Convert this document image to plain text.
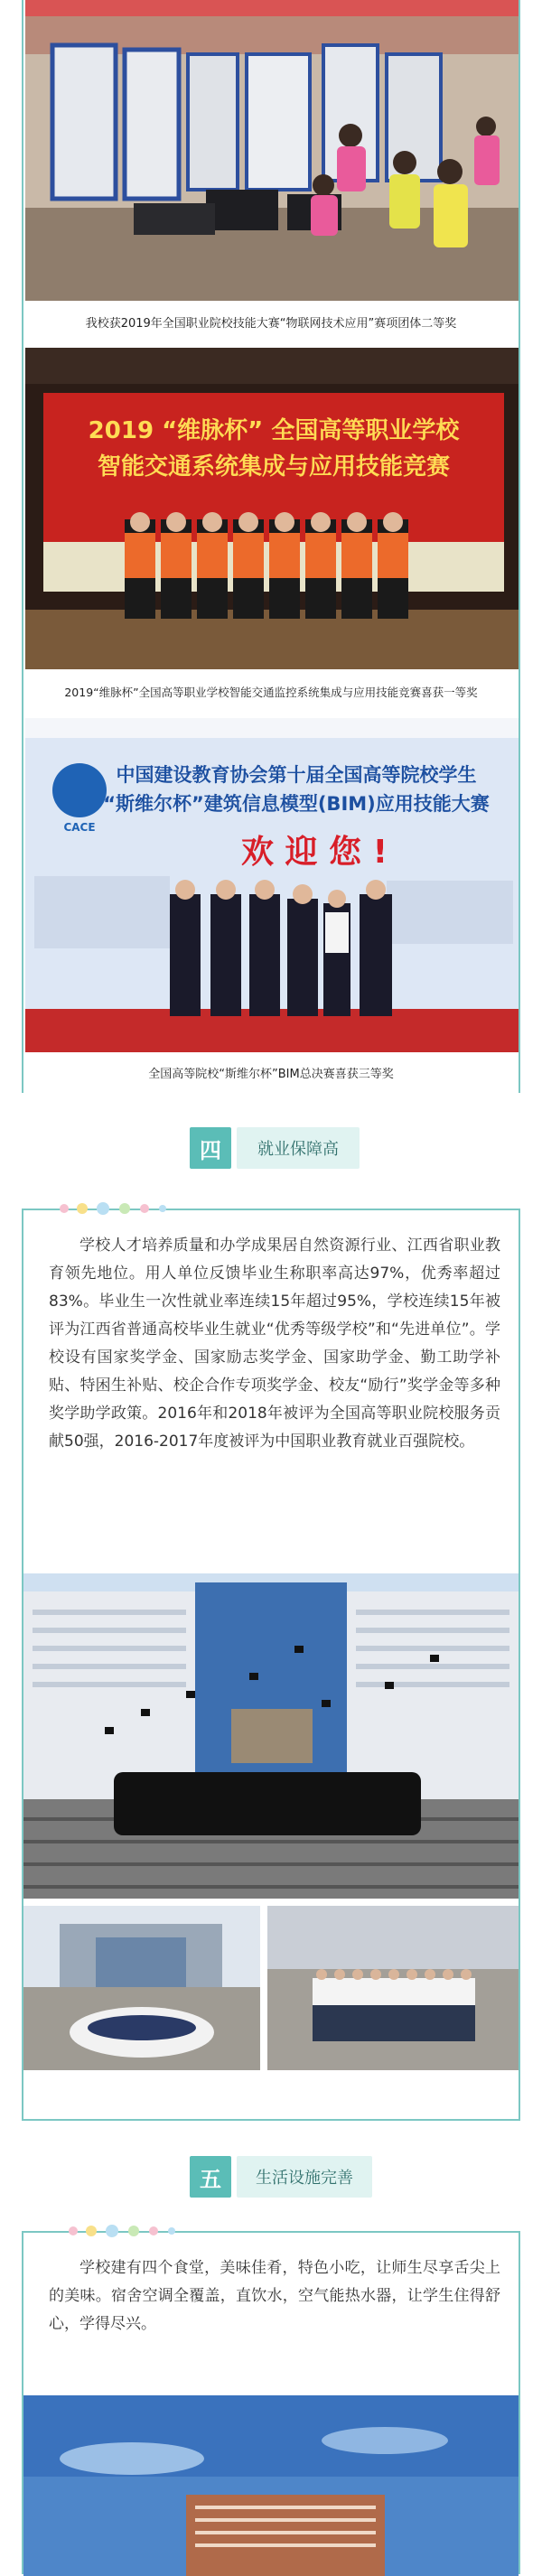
我校获2019年全国职业院校技能大赛“物联网技术应用”赛项团体二等奖
2019 “维脉杯” 全国高等职业学校
智能交通系统集成与应用技能竞赛
2019“维脉杯”全国高等职业学校智能交通监控系统集成与应用技能竞赛喜获一等奖
CACE
中国建设教育协会第十届全国高等院校学生
“斯维尔杯”建筑信息模型(BIM)应用技能大赛
欢 迎 您 !
全国高等院校“斯维尔杯”BIM总决赛喜获三等奖
四	就业保障高
学校人才培养质量和办学成果居自然资源行业、江西省职业教育领先地位。用人单位反馈毕业生称职率高达97%，优秀率超过83%。毕业生一次性就业率连续15年超过95%，学校连续15年被评为江西省普通高校毕业生就业“优秀等级学校”和“先进单位”。学校设有国家奖学金、国家励志奖学金、国家助学金、勤工助学补贴、特困生补贴、校企合作专项奖学金、校友“励行”奖学金等多种奖学助学政策。2016年和2018年被评为全国高等职业院校服务贡献50强，2016-2017年度被评为中国职业教育就业百强院校。
五	生活设施完善
学校建有四个食堂，美味佳肴，特色小吃，让师生尽享舌尖上的美味。宿舍空调全覆盖，直饮水，空气能热水器，让学生住得舒心，学得尽兴。
